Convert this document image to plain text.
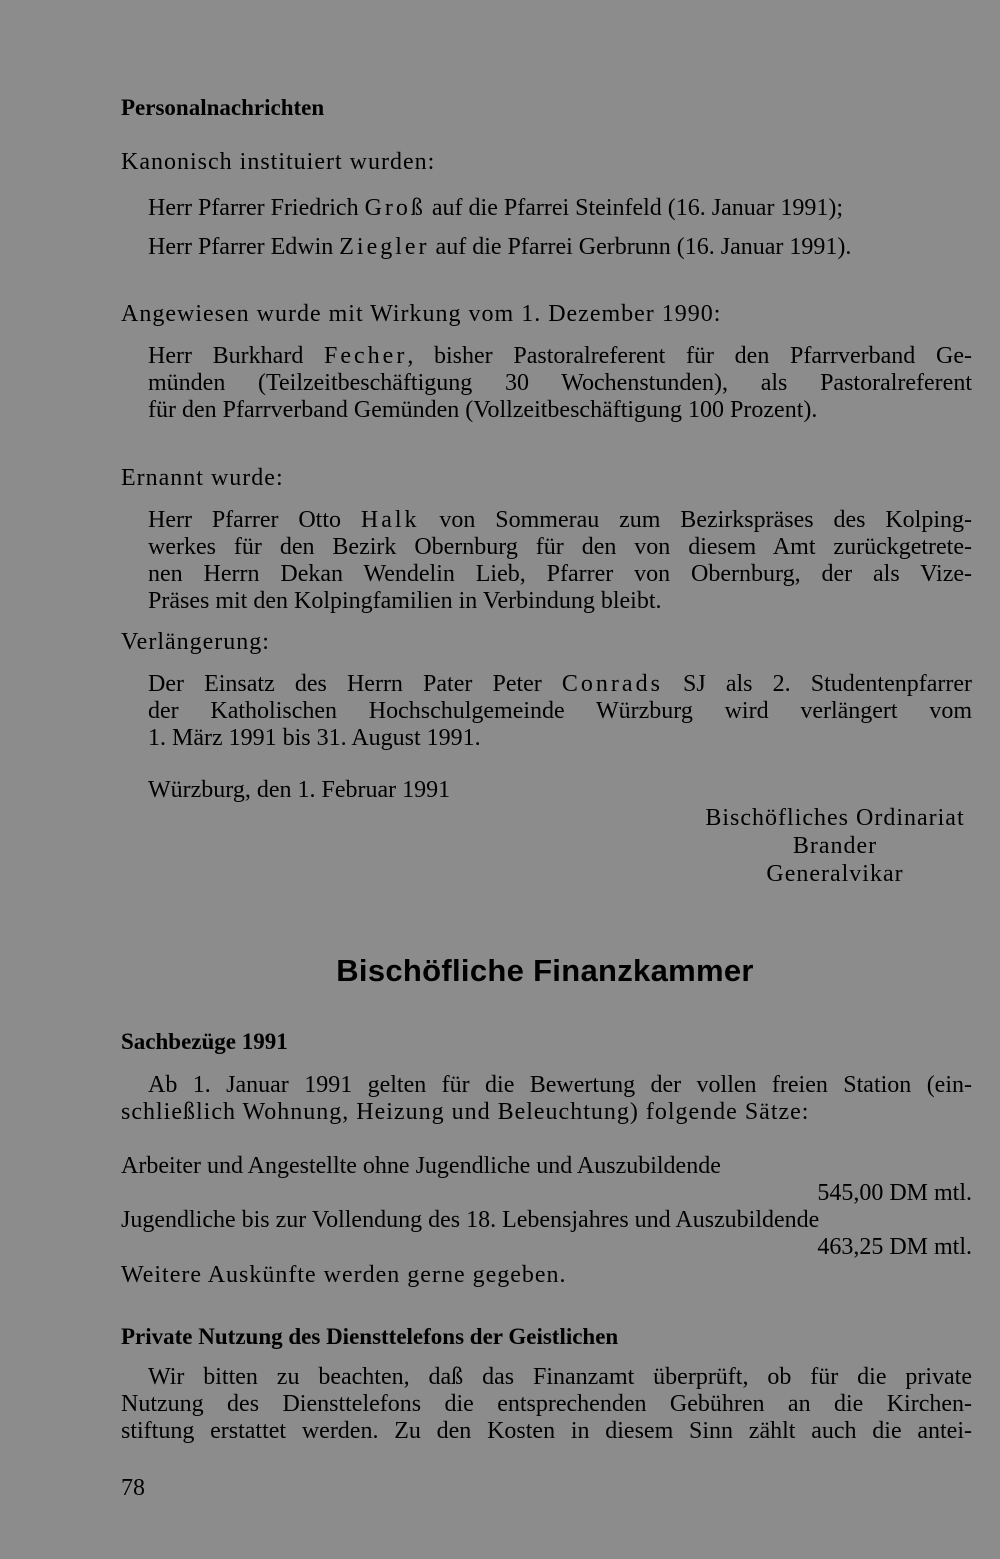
Personalnachrichten
Kanonisch instituiert wurden:
Herr Pfarrer Friedrich Groß auf die Pfarrei Steinfeld (16. Januar 1991);
Herr Pfarrer Edwin Ziegler auf die Pfarrei Gerbrunn (16. Januar 1991).
Angewiesen wurde mit Wirkung vom 1. Dezember 1990:
Herr Burkhard Fecher, bisher Pastoralreferent für den Pfarrverband Ge-
münden (Teilzeitbeschäftigung 30 Wochenstunden), als Pastoralreferent
für den Pfarrverband Gemünden (Vollzeitbeschäftigung 100 Prozent).
Ernannt wurde:
Herr Pfarrer Otto Halk von Sommerau zum Bezirkspräses des Kolping-
werkes für den Bezirk Obernburg für den von diesem Amt zurückgetrete-
nen Herrn Dekan Wendelin Lieb, Pfarrer von Obernburg, der als Vize-
Präses mit den Kolpingfamilien in Verbindung bleibt.
Verlängerung:
Der Einsatz des Herrn Pater Peter Conrads SJ als 2. Studentenpfarrer
der Katholischen Hochschulgemeinde Würzburg wird verlängert vom
1. März 1991 bis 31. August 1991.
Würzburg, den 1. Februar 1991
Bischöfliches Ordinariat
Brander
Generalvikar
Bischöfliche Finanzkammer
Sachbezüge 1991
Ab 1. Januar 1991 gelten für die Bewertung der vollen freien Station (ein-
schließlich Wohnung, Heizung und Beleuchtung) folgende Sätze:
Arbeiter und Angestellte ohne Jugendliche und Auszubildende
545,00 DM mtl.
Jugendliche bis zur Vollendung des 18. Lebensjahres und Auszubildende
463,25 DM mtl.
Weitere Auskünfte werden gerne gegeben.
Private Nutzung des Diensttelefons der Geistlichen
Wir bitten zu beachten, daß das Finanzamt überprüft, ob für die private
Nutzung des Diensttelefons die entsprechenden Gebühren an die Kirchen-
stiftung erstattet werden. Zu den Kosten in diesem Sinn zählt auch die antei-
78
